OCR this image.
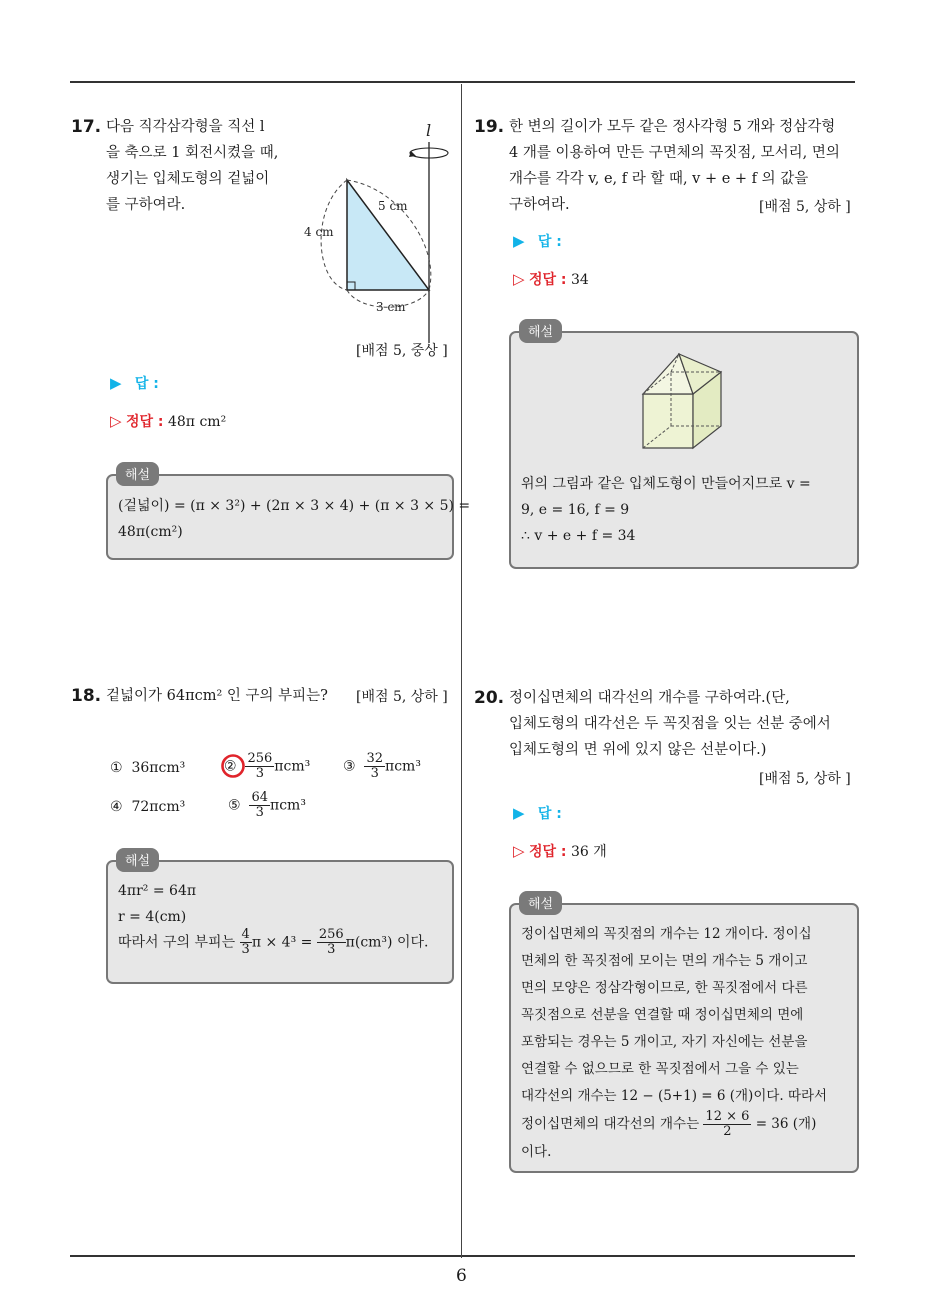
6
17. 다음 직각삼각형을 직선 l
을 축으로 1 회전시켰을 때,
생기는 입체도형의 겉넓이
를 구하여라.
l
5 cm
4 cm
3 cm
[배점 5, 중상 ]
▶ 답 :
▷ 정답 : 48π cm²
해설
(겉넓이) = (π × 3²) + (2π × 3 × 4) + (π × 3 × 5) =
48π(cm²)
18. 겉넓이가 64πcm² 인 구의 부피는? [배점 5, 상하 ]
① 36πcm³	② $\frac{256}{3} \pi cm^3$ ③ $\frac{32}{3} \pi cm^3$
④ 72πcm³	⑤ $\frac{64}{3} \pi cm^3$
해설
4πr² = 64π
r = 4(cm)
따라서 구의 부피는 $\frac{4}{3}$ $\pi \times 4^3 = \frac{256}{3} \pi(cm^3)$ 이다.
19. 한 변의 길이가 모두 같은 정사각형 5 개와 정삼각형
4 개를 이용하여 만든 구면체의 꼭짓점, 모서리, 면의
개수를 각각 v, e, f 라 할 때, v + e + f 의 값을
구하여라.	[배점 5, 상하 ]
▶ 답 :
▷ 정답 : 34
해설
위의 그림과 같은 입체도형이 만들어지므로 v =
9, e = 16, f = 9
∴ v + e + f = 34
20. 정이십면체의 대각선의 개수를 구하여라.(단,
입체도형의 대각선은 두 꼭짓점을 잇는 선분 중에서
입체도형의 면 위에 있지 않은 선분이다.)
[배점 5, 상하 ]
▶ 답 :
▷ 정답 : 36 개
해설
정이십면체의 꼭짓점의 개수는 12 개이다. 정이십
면체의 한 꼭짓점에 모이는 면의 개수는 5 개이고
면의 모양은 정삼각형이므로, 한 꼭짓점에서 다른
꼭짓점으로 선분을 연결할 때 정이십면체의 면에
포함되는 경우는 5 개이고, 자기 자신에는 선분을
연결할 수 없으므로 한 꼭짓점에서 그을 수 있는
대각선의 개수는 12 − (5+1) = 6 (개)이다. 따라서
정이십면체의 대각선의 개수는 $\frac{12 \times 6}{2} = 36$ (개)
이다.
